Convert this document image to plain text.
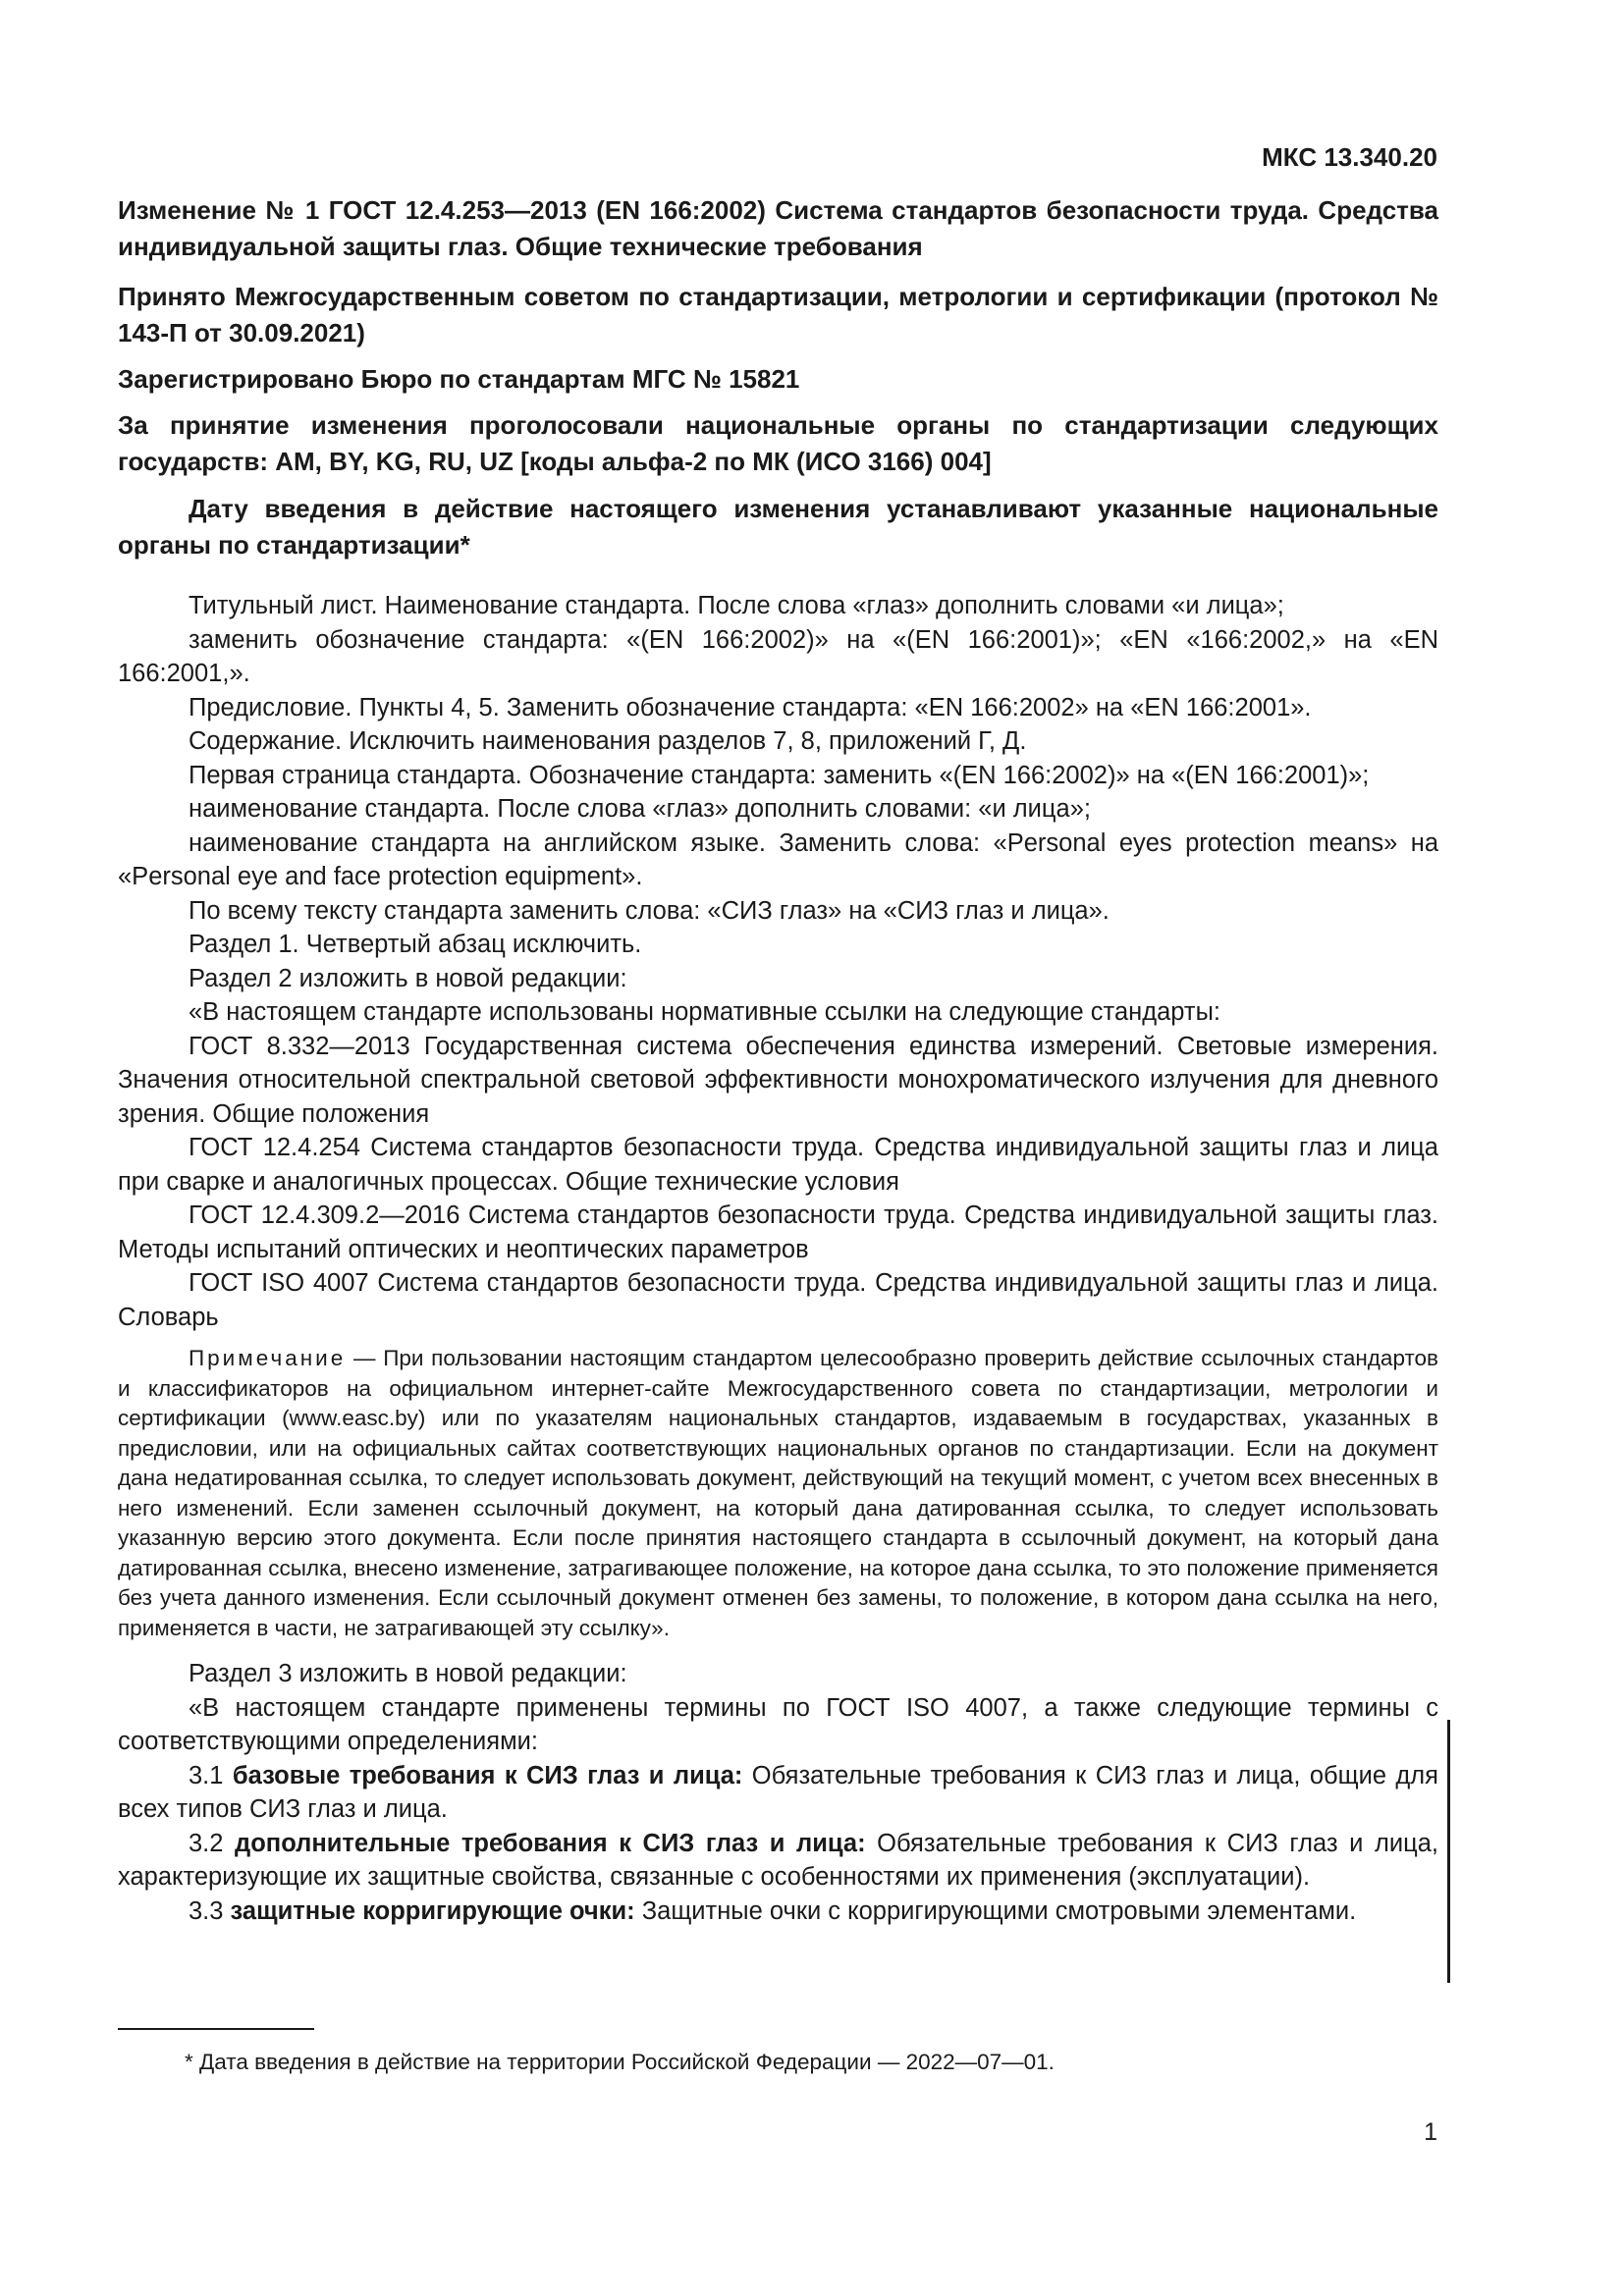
МКС 13.340.20

Изменение № 1 ГОСТ 12.4.253—2013 (EN 166:2002) Система стандартов безопасности труда. Средства индивидуальной защиты глаз. Общие технические требования

Принято Межгосударственным советом по стандартизации, метрологии и сертификации (протокол № 143-П от 30.09.2021)

Зарегистрировано Бюро по стандартам МГС № 15821

За принятие изменения проголосовали национальные органы по стандартизации следующих государств: AM, BY, KG, RU, UZ [коды альфа-2 по МК (ИСО 3166) 004]

Дату введения в действие настоящего изменения устанавливают указанные национальные органы по стандартизации*

Титульный лист. Наименование стандарта. После слова «глаз» дополнить словами «и лица»;

заменить обозначение стандарта: «(EN 166:2002)» на «(EN 166:2001)»; «EN «166:2002,» на «EN 166:2001,».

Предисловие. Пункты 4, 5. Заменить обозначение стандарта: «EN 166:2002» на «EN 166:2001».

Содержание. Исключить наименования разделов 7, 8, приложений Г, Д.

Первая страница стандарта. Обозначение стандарта: заменить «(EN 166:2002)» на «(EN 166:2001)»;

наименование стандарта. После слова «глаз» дополнить словами: «и лица»;

наименование стандарта на английском языке. Заменить слова: «Personal eyes protection means» на «Personal eye and face protection equipment».

По всему тексту стандарта заменить слова: «СИЗ глаз» на «СИЗ глаз и лица».

Раздел 1. Четвертый абзац исключить.

Раздел 2 изложить в новой редакции:

«В настоящем стандарте использованы нормативные ссылки на следующие стандарты:

ГОСТ 8.332—2013 Государственная система обеспечения единства измерений. Световые измерения. Значения относительной спектральной световой эффективности монохроматического излучения для дневного зрения. Общие положения

ГОСТ 12.4.254 Система стандартов безопасности труда. Средства индивидуальной защиты глаз и лица при сварке и аналогичных процессах. Общие технические условия

ГОСТ 12.4.309.2—2016 Система стандартов безопасности труда. Средства индивидуальной защиты глаз. Методы испытаний оптических и неоптических параметров

ГОСТ ISO 4007 Система стандартов безопасности труда. Средства индивидуальной защиты глаз и лица. Словарь

Примечание — При пользовании настоящим стандартом целесообразно проверить действие ссылочных стандартов и классификаторов на официальном интернет-сайте Межгосударственного совета по стандартизации, метрологии и сертификации (www.easc.by) или по указателям национальных стандартов, издаваемым в государствах, указанных в предисловии, или на официальных сайтах соответствующих национальных органов по стандартизации. Если на документ дана недатированная ссылка, то следует использовать документ, действующий на текущий момент, с учетом всех внесенных в него изменений. Если заменен ссылочный документ, на который дана датированная ссылка, то следует использовать указанную версию этого документа. Если после принятия настоящего стандарта в ссылочный документ, на который дана датированная ссылка, внесено изменение, затрагивающее положение, на которое дана ссылка, то это положение применяется без учета данного изменения. Если ссылочный документ отменен без замены, то положение, в котором дана ссылка на него, применяется в части, не затрагивающей эту ссылку».

Раздел 3 изложить в новой редакции:

«В настоящем стандарте применены термины по ГОСТ ISO 4007, а также следующие термины с соответствующими определениями:

3.1 базовые требования к СИЗ глаз и лица: Обязательные требования к СИЗ глаз и лица, общие для всех типов СИЗ глаз и лица.

3.2 дополнительные требования к СИЗ глаз и лица: Обязательные требования к СИЗ глаз и лица, характеризующие их защитные свойства, связанные с особенностями их применения (эксплуатации).

3.3 защитные корригирующие очки: Защитные очки с корригирующими смотровыми элементами.

* Дата введения в действие на территории Российской Федерации — 2022—07—01.
1
